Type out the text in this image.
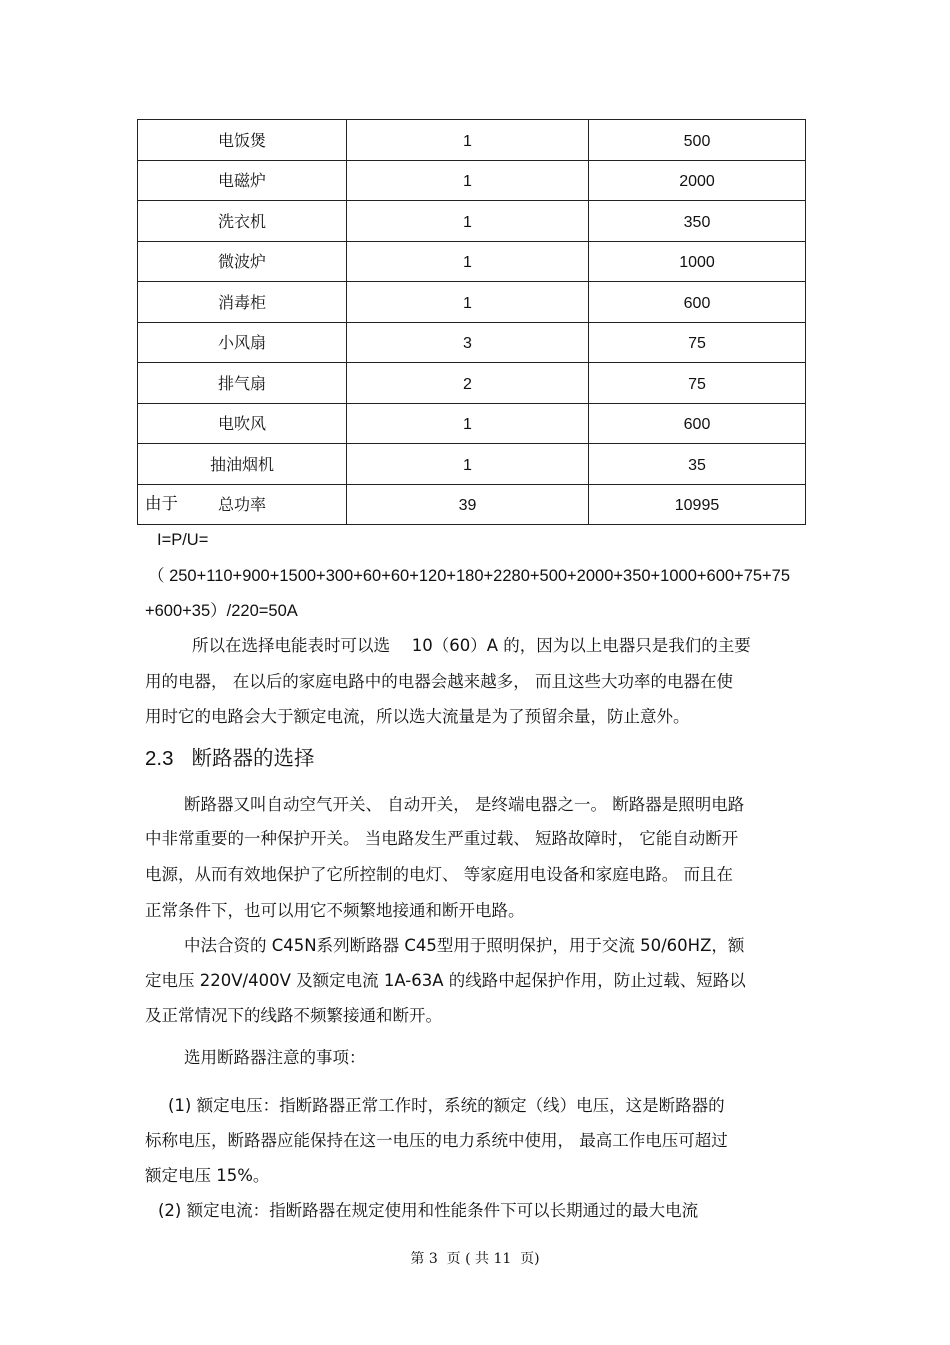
电饭煲	1	500
电磁炉	1	2000
洗衣机	1	350
微波炉	1	1000
消毒柜	1	600
小风扇	3	75
排气扇	2	75
电吹风	1	600
抽油烟机	1	35
总功率	39	10995
由于
I=P/U=
（ 250+110+900+1500+300+60+60+120+180+2280+500+2000+350+1000+600+75+75
+600+35）/220=50A
所以在选择电能表时可以选　 10（60）A 的，因为以上电器只是我们的主要
用的电器， 在以后的家庭电路中的电器会越来越多， 而且这些大功率的电器在使
用时它的电路会大于额定电流，所以选大流量是为了预留余量，防止意外。
2.3 断路器的选择
断路器又叫自动空气开关、 自动开关， 是终端电器之一。 断路器是照明电路
中非常重要的一种保护开关。 当电路发生严重过载、 短路故障时， 它能自动断开
电源，从而有效地保护了它所控制的电灯、 等家庭用电设备和家庭电路。 而且在
正常条件下，也可以用它不频繁地接通和断开电路。
中法合资的 C45N系列断路器 C45型用于照明保护，用于交流 50/60HZ，额
定电压 220V/400V 及额定电流 1A-63A 的线路中起保护作用，防止过载、短路以
及正常情况下的线路不频繁接通和断开。
选用断路器注意的事项：
(1) 额定电压：指断路器正常工作时，系统的额定（线）电压，这是断路器的
标称电压，断路器应能保持在这一电压的电力系统中使用， 最高工作电压可超过
额定电压 15%。
(2) 额定电流：指断路器在规定使用和性能条件下可以长期通过的最大电流
第 3  页 ( 共 11  页)
